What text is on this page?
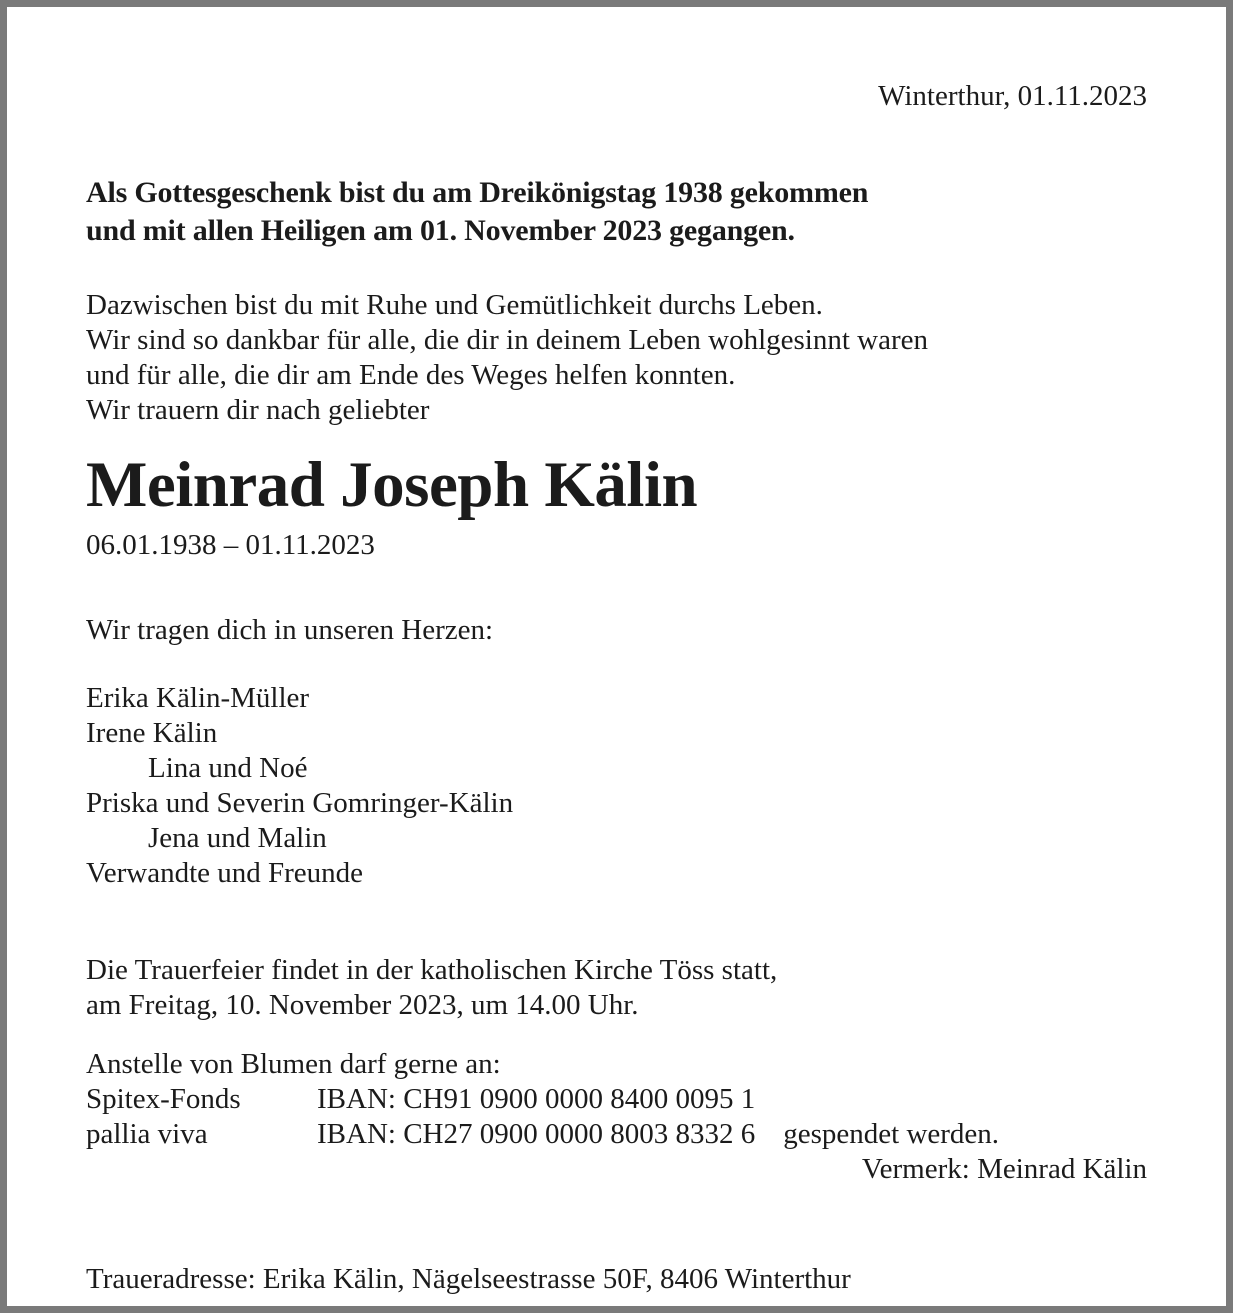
Winterthur, 01.11.2023
Als Gottesgeschenk bist du am Dreikönigstag 1938 gekommen
und mit allen Heiligen am 01. November 2023 gegangen.
Dazwischen bist du mit Ruhe und Gemütlichkeit durchs Leben.
Wir sind so dankbar für alle, die dir in deinem Leben wohlgesinnt waren
und für alle, die dir am Ende des Weges helfen konnten.
Wir trauern dir nach geliebter
Meinrad Joseph Kälin
06.01.1938 – 01.11.2023
Wir tragen dich in unseren Herzen:
Erika Kälin-Müller
Irene Kälin
Lina und Noé
Priska und Severin Gomringer-Kälin
Jena und Malin
Verwandte und Freunde
Die Trauerfeier findet in der katholischen Kirche Töss statt,
am Freitag, 10. November 2023, um 14.00 Uhr.
Anstelle von Blumen darf gerne an:
Spitex-Fonds	IBAN: CH91 0900 0000 8400 0095 1
pallia viva	IBAN: CH27 0900 0000 8003 8332 6 gespendet werden.
Vermerk: Meinrad Kälin
Traueradresse: Erika Kälin, Nägelseestrasse 50F, 8406 Winterthur
